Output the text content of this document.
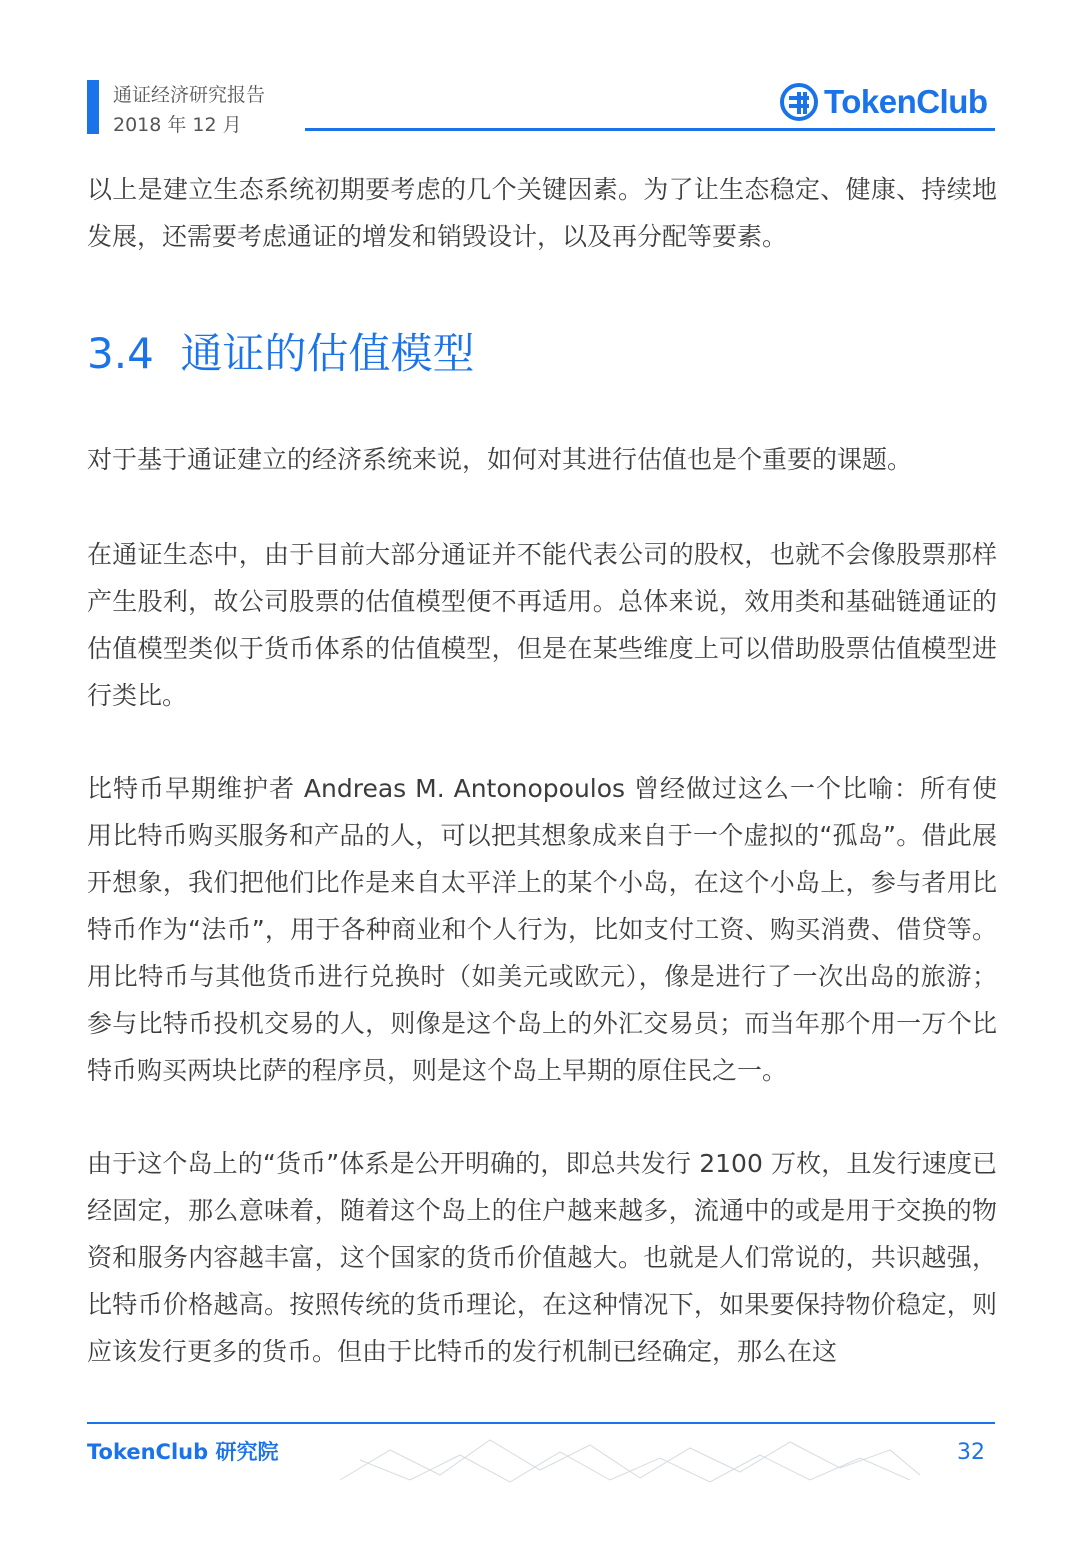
通证经济研究报告
2018 年 12 月
TokenClub

以上是建立生态系统初期要考虑的几个关键因素。为了让生态稳定、健康、持续地发展，还需要考虑通证的增发和销毁设计，以及再分配等要素。

3.4  通证的估值模型

对于基于通证建立的经济系统来说，如何对其进行估值也是个重要的课题。

在通证生态中，由于目前大部分通证并不能代表公司的股权，也就不会像股票那样产生股利，故公司股票的估值模型便不再适用。总体来说，效用类和基础链通证的估值模型类似于货币体系的估值模型，但是在某些维度上可以借助股票估值模型进行类比。

比特币早期维护者 Andreas M. Antonopoulos 曾经做过这么一个比喻：所有使用比特币购买服务和产品的人，可以把其想象成来自于一个虚拟的“孤岛”。借此展开想象，我们把他们比作是来自太平洋上的某个小岛，在这个小岛上，参与者用比特币作为“法币”，用于各种商业和个人行为，比如支付工资、购买消费、借贷等。用比特币与其他货币进行兑换时（如美元或欧元），像是进行了一次出岛的旅游；参与比特币投机交易的人，则像是这个岛上的外汇交易员；而当年那个用一万个比特币购买两块比萨的程序员，则是这个岛上早期的原住民之一。

由于这个岛上的“货币”体系是公开明确的，即总共发行 2100 万枚，且发行速度已经固定，那么意味着，随着这个岛上的住户越来越多，流通中的或是用于交换的物资和服务内容越丰富，这个国家的货币价值越大。也就是人们常说的，共识越强，比特币价格越高。按照传统的货币理论，在这种情况下，如果要保持物价稳定，则应该发行更多的货币。但由于比特币的发行机制已经确定，那么在这

TokenClub 研究院	32
